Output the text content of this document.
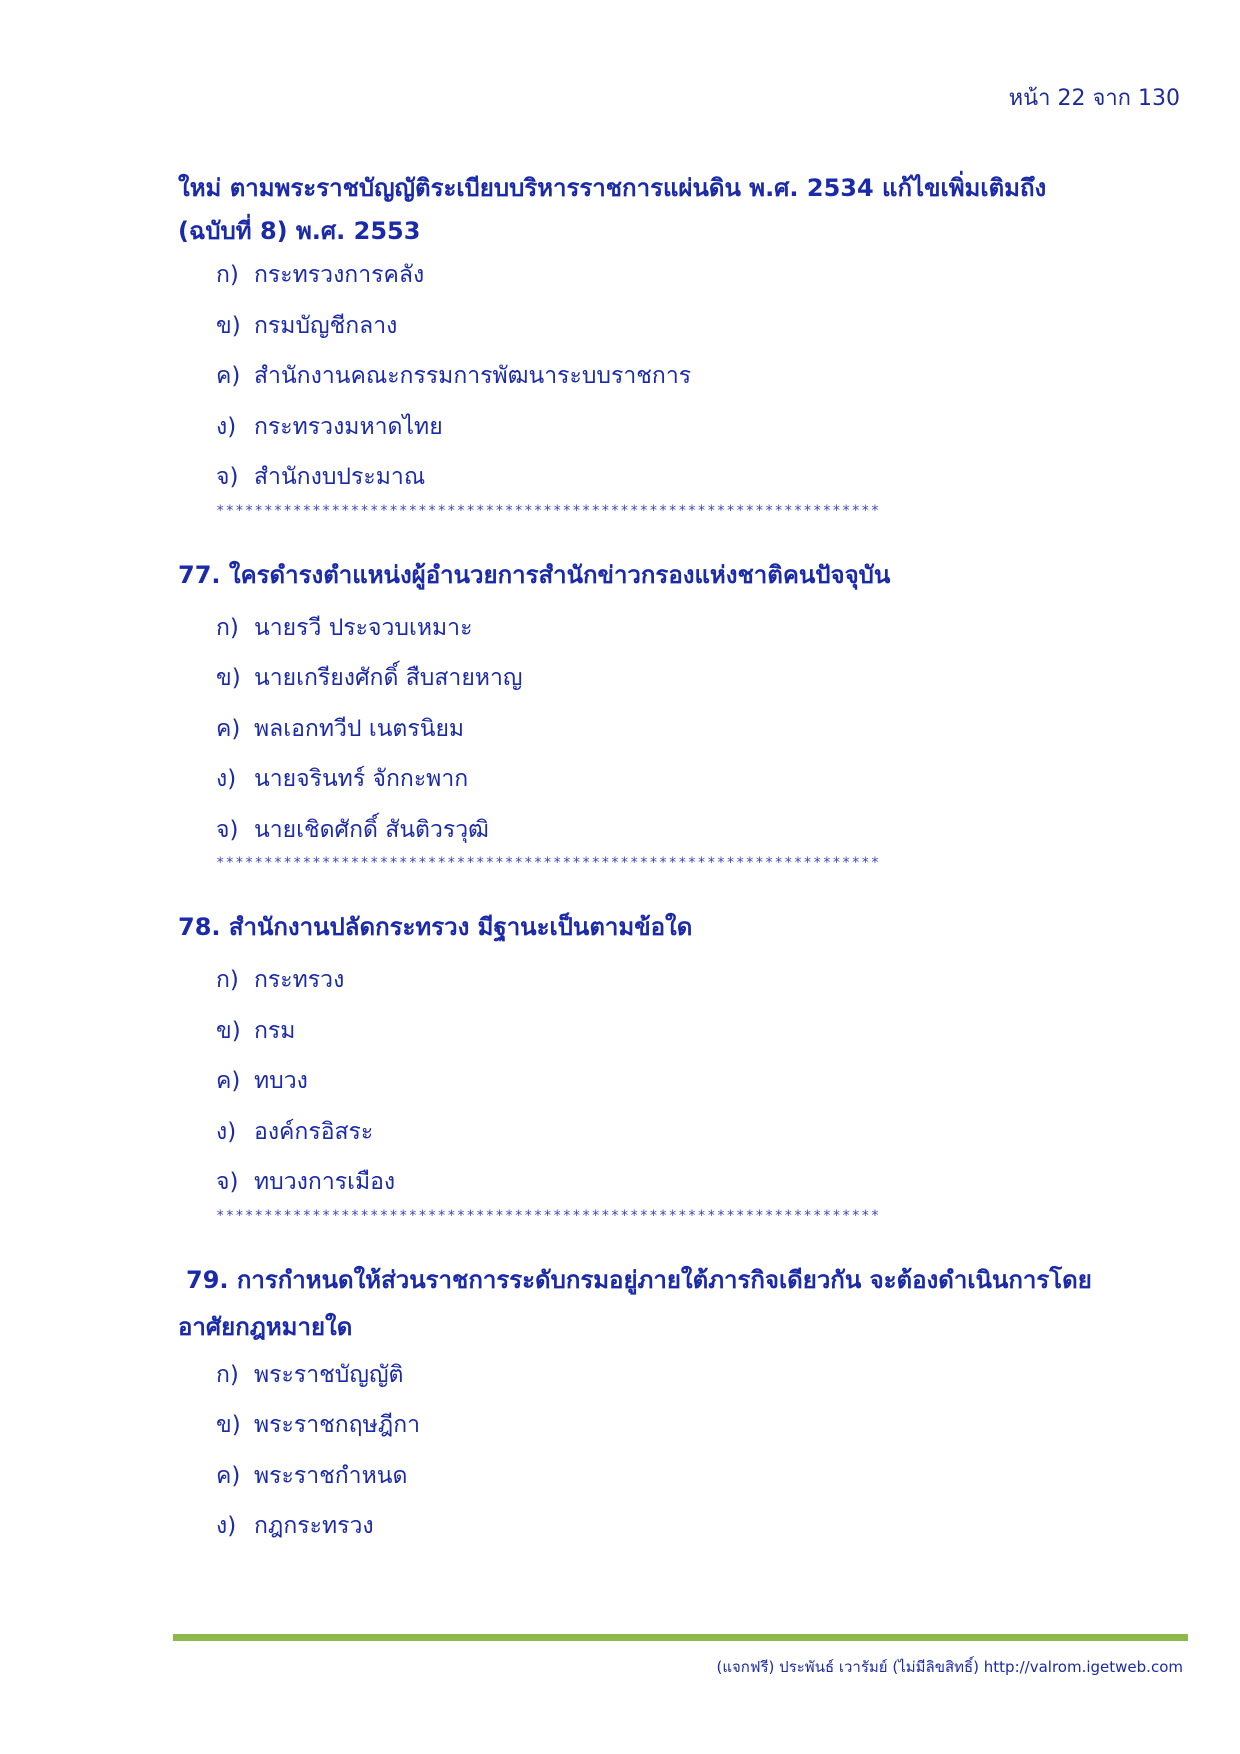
หน้า 22 จาก 130
ใหม่ ตามพระราชบัญญัติระเบียบบริหารราชการแผ่นดิน พ.ศ. 2534 แก้ไขเพิ่มเติมถึง
(ฉบับที่ 8) พ.ศ. 2553
ก) กระทรวงการคลัง
ข) กรมบัญชีกลาง
ค) สำนักงานคณะกรรมการพัฒนาระบบราชการ
ง) กระทรวงมหาดไทย
จ) สำนักงบประมาณ
*********************************************************************
77. ใครดำรงตำแหน่งผู้อำนวยการสำนักข่าวกรองแห่งชาติคนปัจจุบัน
ก) นายรวี ประจวบเหมาะ
ข) นายเกรียงศักดิ์ สืบสายหาญ
ค) พลเอกทวีป เนตรนิยม
ง) นายจรินทร์ จักกะพาก
จ) นายเชิดศักดิ์ สันติวรวุฒิ
*********************************************************************
78. สำนักงานปลัดกระทรวง มีฐานะเป็นตามข้อใด
ก) กระทรวง
ข) กรม
ค) ทบวง
ง) องค์กรอิสระ
จ) ทบวงการเมือง
*********************************************************************
79. การกำหนดให้ส่วนราชการระดับกรมอยู่ภายใต้ภารกิจเดียวกัน จะต้องดำเนินการโดย
อาศัยกฎหมายใด
ก) พระราชบัญญัติ
ข) พระราชกฤษฎีกา
ค) พระราชกำหนด
ง) กฎกระทรวง
(แจกฟรี) ประพันธ์ เวารัมย์ (ไม่มีลิขสิทธิ์) http://valrom.igetweb.com
